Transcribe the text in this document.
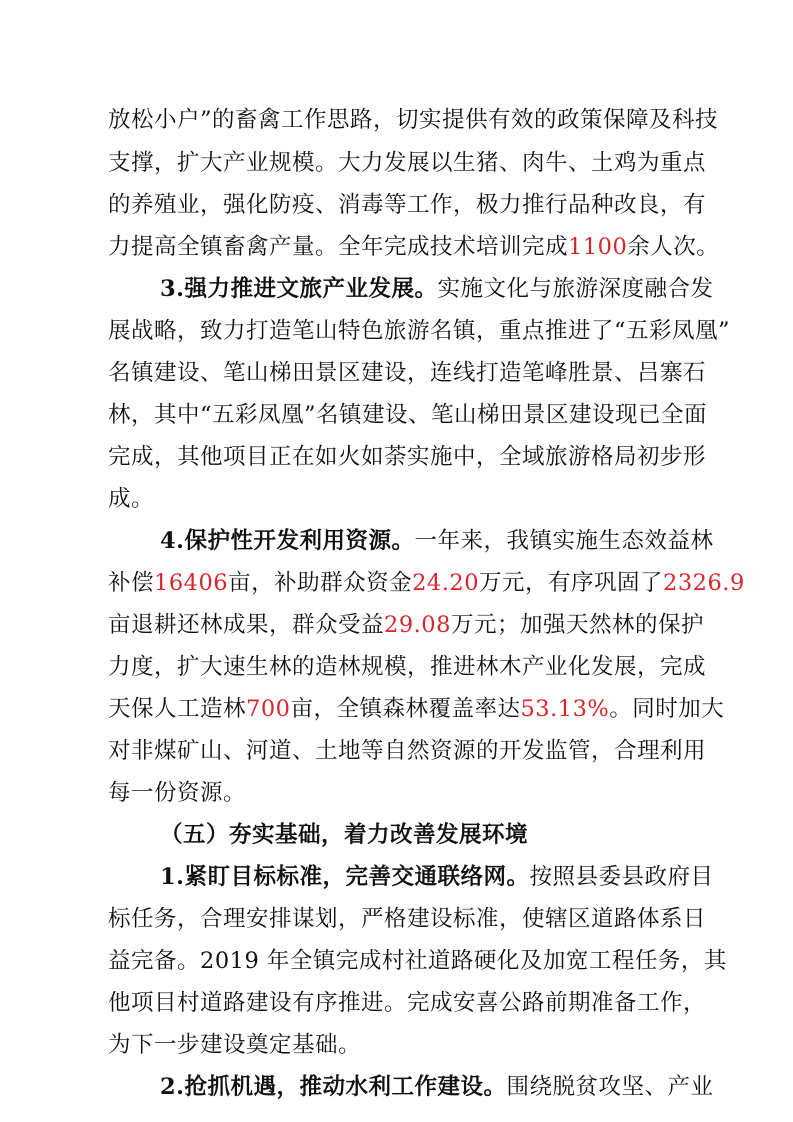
放松小户”的畜禽工作思路，切实提供有效的政策保障及科技
支撑，扩大产业规模。大力发展以生猪、肉牛、土鸡为重点
的养殖业，强化防疫、消毒等工作，极力推行品种改良，有
力提高全镇畜禽产量。全年完成技术培训完成1100余人次。
3.强力推进文旅产业发展。实施文化与旅游深度融合发
展战略，致力打造笔山特色旅游名镇，重点推进了“五彩凤凰”
名镇建设、笔山梯田景区建设，连线打造笔峰胜景、吕寨石
林，其中“五彩凤凰”名镇建设、笔山梯田景区建设现已全面
完成，其他项目正在如火如荼实施中，全域旅游格局初步形
成。
4.保护性开发利用资源。一年来，我镇实施生态效益林
补偿16406亩，补助群众资金24.20万元，有序巩固了2326.9
亩退耕还林成果，群众受益29.08万元；加强天然林的保护
力度，扩大速生林的造林规模，推进林木产业化发展，完成
天保人工造林700亩，全镇森林覆盖率达53.13%。同时加大
对非煤矿山、河道、土地等自然资源的开发监管，合理利用
每一份资源。
（五）夯实基础，着力改善发展环境
1.紧盯目标标准，完善交通联络网。按照县委县政府目
标任务，合理安排谋划，严格建设标准，使辖区道路体系日
益完备。2019 年全镇完成村社道路硬化及加宽工程任务，其
他项目村道路建设有序推进。完成安喜公路前期准备工作，
为下一步建设奠定基础。
2.抢抓机遇，推动水利工作建设。围绕脱贫攻坚、产业
